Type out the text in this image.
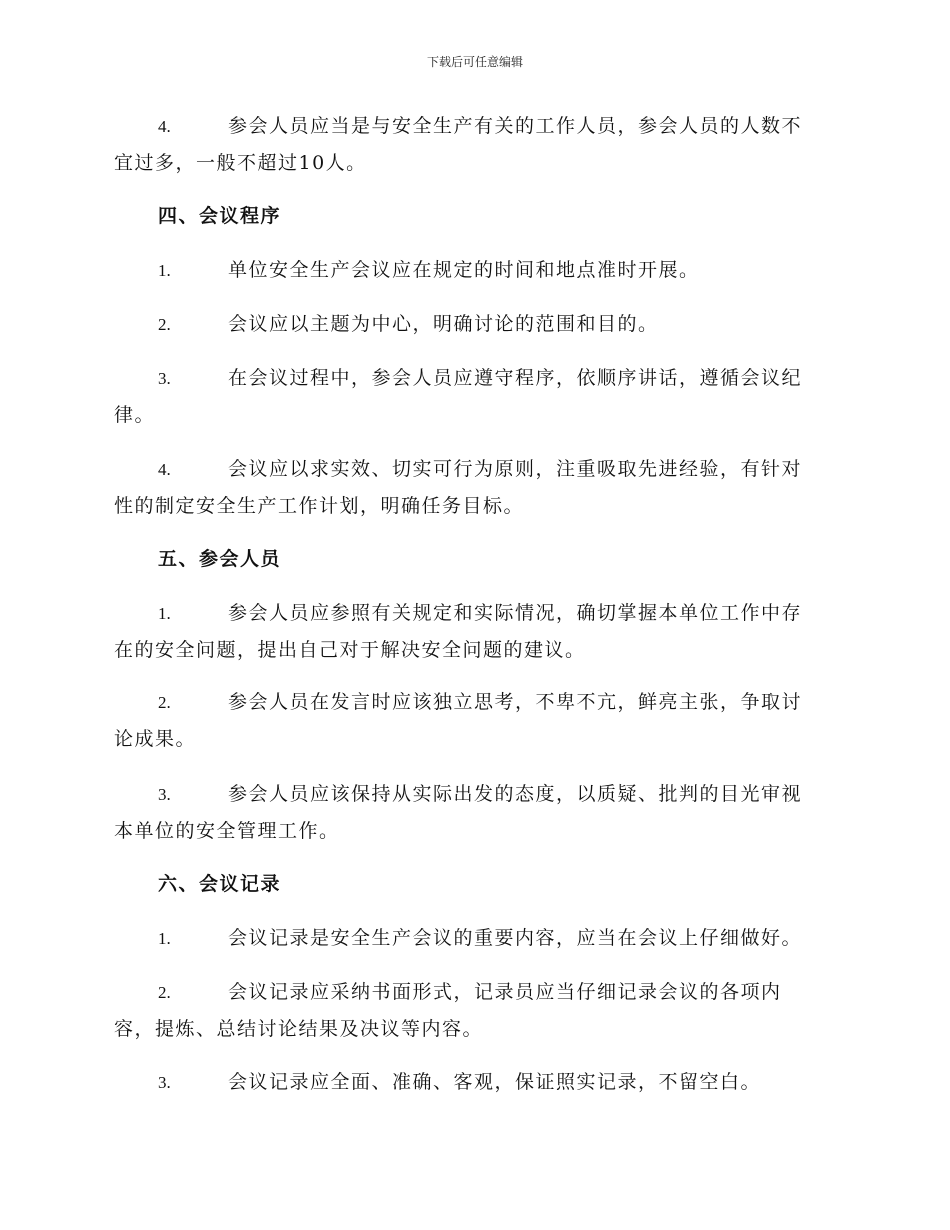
下载后可任意编辑
4.	参会人员应当是与安全生产有关的工作人员，参会人员的人数不
宜过多，一般不超过10人。
四、会议程序
1.	单位安全生产会议应在规定的时间和地点准时开展。
2.	会议应以主题为中心，明确讨论的范围和目的。
3.	在会议过程中，参会人员应遵守程序，依顺序讲话，遵循会议纪
律。
4.	会议应以求实效、切实可行为原则，注重吸取先进经验，有针对
性的制定安全生产工作计划，明确任务目标。
五、参会人员
1.	参会人员应参照有关规定和实际情况，确切掌握本单位工作中存
在的安全问题，提出自己对于解决安全问题的建议。
2.	参会人员在发言时应该独立思考，不卑不亢，鲜亮主张，争取讨
论成果。
3.	参会人员应该保持从实际出发的态度，以质疑、批判的目光审视
本单位的安全管理工作。
六、会议记录
1.	会议记录是安全生产会议的重要内容，应当在会议上仔细做好。
2.	会议记录应采纳书面形式，记录员应当仔细记录会议的各项内
容，提炼、总结讨论结果及决议等内容。
3.	会议记录应全面、准确、客观，保证照实记录，不留空白。
